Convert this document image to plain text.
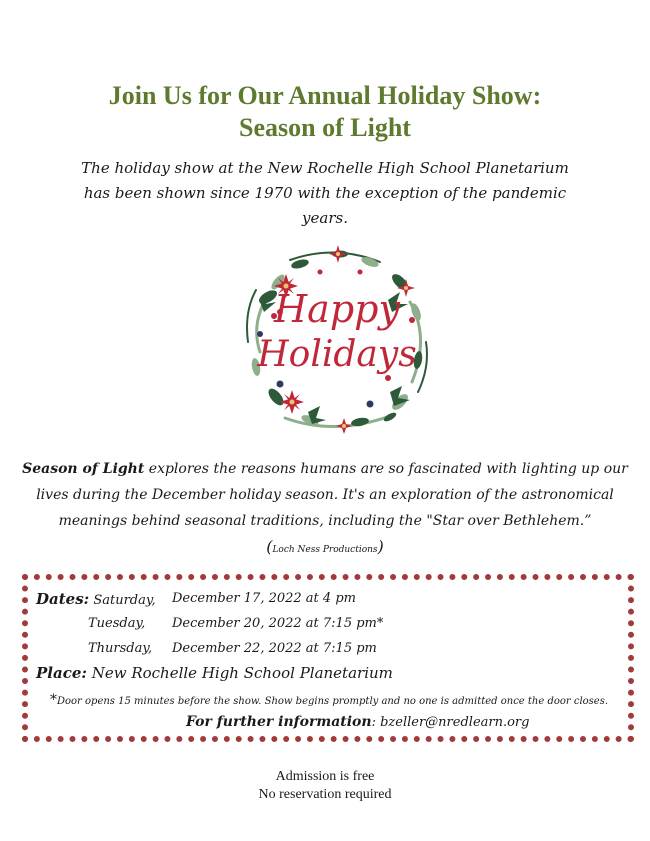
Join Us for Our Annual Holiday Show:
Season of Light
The holiday show at the New Rochelle High School Planetarium
has been shown since 1970 with the exception of the pandemic
years.
Happy
Holidays
Season of Light explores the reasons humans are so fascinated with lighting up our
lives during the December holiday season. It's an exploration of the astronomical
meanings behind seasonal traditions, including the "Star over Bethlehem.”
(Loch Ness Productions)
Dates: Saturday, December 17, 2022 at 4 pm
Tuesday, December 20, 2022 at 7:15 pm*
Thursday, December 22, 2022 at 7:15 pm
Place: New Rochelle High School Planetarium
*Door opens 15 minutes before the show. Show begins promptly and no one is admitted once the door closes.
For further information: bzeller@nredlearn.org
Admission is free
No reservation required
